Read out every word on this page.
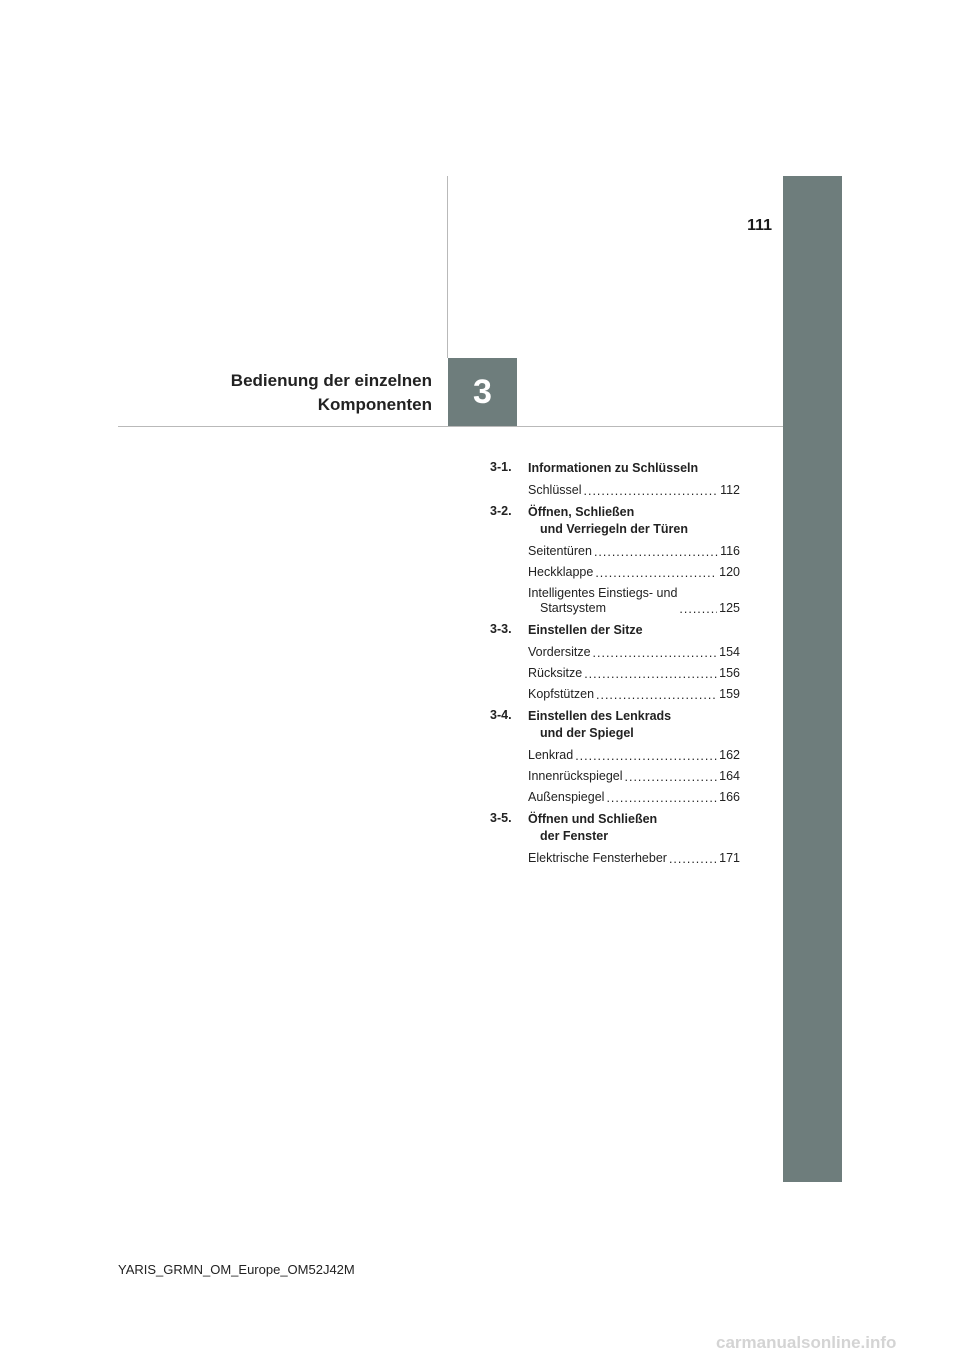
3
111
Bedienung der einzelnen
Komponenten
3-1.	Informationen zu Schlüsseln
Schlüssel .....	112
3-2.	Öffnen, Schließen
und Verriegeln der Türen
Seitentüren .....	116
Heckklappe .....	120
Intelligentes Einstiegs- und
Startsystem .....	125
3-3.	Einstellen der Sitze
Vordersitze .....	154
Rücksitze .....	156
Kopfstützen .....	159
3-4.	Einstellen des Lenkrads
und der Spiegel
Lenkrad .....	162
Innenrückspiegel .....	164
Außenspiegel .....	166
3-5.	Öffnen und Schließen
der Fenster
Elektrische Fensterheber .....	171
YARIS_GRMN_OM_Europe_OM52J42M
carmanualsonline.info
